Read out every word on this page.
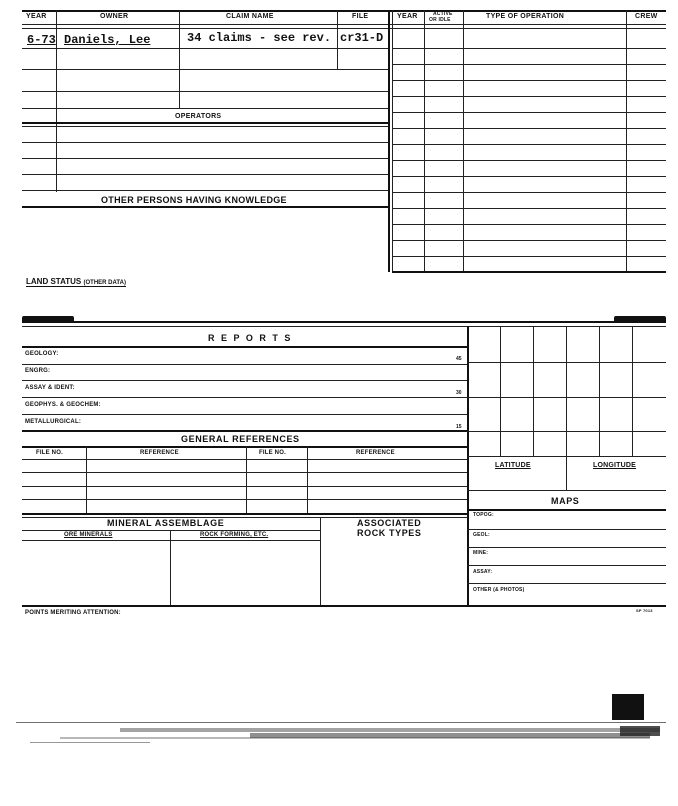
YEAR	OWNER	CLAIM NAME	FILE	YEAR	ACTIVE
OR IDLE	TYPE OF OPERATION	CREW
6-73 Daniels, Lee	34 claims - see rev. cr31-D
OPERATORS
OTHER PERSONS HAVING KNOWLEDGE
LAND STATUS (OTHER DATA)
R E P O R T S
GEOLOGY:
45
ENGRG:
ASSAY & IDENT:
30
GEOPHYS. & GEOCHEM:
METALLURGICAL:
15
GENERAL REFERENCES
FILE NO.	REFERENCE	FILE NO.	REFERENCE
MINERAL ASSEMBLAGE	ASSOCIATED
ROCK TYPES
ORE MINERALS	ROCK FORMING, ETC.
LATITUDE	LONGITUDE
MAPS
TOPOG:
GEOL:
MINE:
ASSAY:
OTHER (& PHOTOS)
POINTS MERITING ATTENTION:	SP 7013
